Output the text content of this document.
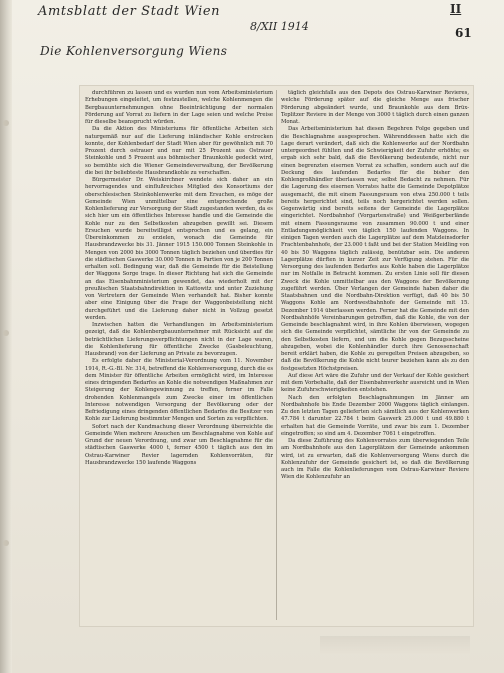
Amtsblatt der Stadt Wien
8/XII 1914
II
61
Die Kohlenversorgung Wiens

durchführen zu lassen und es wurden nun vom Arbeitsministerium Erhebungen eingeleitet, um festzustellen, welche Kohlenmengen die Bergbauunternehmungen ohne Beeinträchtigung der normalen Förderung auf Vorrat zu liefern in der Lage seien und welche Preise für dieselbe beansprucht würden.

Da die Aktion des Ministeriums für öffentliche Arbeiten sich naturgemäß nur auf die Lieferung inländischer Kohle erstrecken konnte, der Kohlenbedarf der Stadt Wien aber für gewöhnlich mit 70 Prozent durch ostrauer und nur mit 25 Prozent aus Ostrauer Steinkohle und 5 Prozent aus böhmischer Braunkohle gedeckt wird, so bemühte sich die Wiener Gemeindeverwaltung, der Bevölkerung die bei ihr beliebteste Hausbrandkohle zu verschaffen.

Bürgermeister Dr. Weiskirchner wendete sich daher an ein hervorragendes und einflußreiches Mitglied des Konsortiums der oberschlesischen Steinkohlenwerke mit dem Ersuchen, es möge der Gemeinde Wien unmittelbar eine entsprechende große Kohlenlieferung zur Versorgung der Stadt zugestanden werden, da es sich hier um ein öffentliches Interesse handle und die Gemeinde die Kohle nur zu den Selbstkosten abzugeben gewillt sei. Diesem Ersuchen wurde bereitwilligst entsprochen und es gelang, ein Übereinkommen zu erzielen, wonach die Gemeinde für Hausbrandzwecke bis 31. Jänner 1915 150.000 Tonnen Steinkohle in Mengen von 2000 bis 3000 Tonnen täglich beziehen und überdies für die städtischen Gaswerke 30.000 Tonnen in Partien von je 200 Tonnen erhalten soll. Bedingung war, daß die Gemeinde für die Beistellung der Waggons Sorge trage. In dieser Richtung hat sich die Gemeinde an das Eisenbahnministerium gewendet, das wiederholt mit der preußischen Staatsbahndirektion in Kattowitz und unter Zuziehung von Vertretern der Gemeinde Wien verhandelt hat. Bisher konnte aber eine Einigung über die Frage der Waggonbeistellung nicht durchgeführt und die Lieferung daher nicht in Vollzug gesetzt werden.

Inzwischen hatten die Verhandlungen im Arbeitsministerium gezeigt, daß die Kohlenbergbauunternehmer mit Rücksicht auf die beträchtlichen Lieferungsverpflichtungen nicht in der Lage waren, die Kohlenlieferung für öffentliche Zwecke (Gasbeleuchtung, Hausbrand) von der Lieferung an Private zu bevorzugen.

Es erfolgte daher die Ministerial-Verordnung vom 11. November 1914, R.-G.-Bl. Nr. 314, betreffend die Kohlenversorgung, durch die es dem Minister für öffentliche Arbeiten ermöglicht wird, im Interesse eines dringenden Bedarfes an Kohle die notwendigen Maßnahmen zur Steigerung der Kohlengewinnung zu treffen, ferner im Falle drohenden Kohlenmangels zum Zwecke einer im öffentlichen Interesse notwendigen Versorgung der Bevölkerung oder der Befriedigung eines dringenden öffentlichen Bedarfes die Besitzer von Kohle zur Lieferung bestimmter Mengen und Sorten zu verpflichten.

Sofort nach der Kundmachung dieser Verordnung überreichte die Gemeinde Wien mehrere Ansuchen um Beschlagnahme von Kohle auf Grund der neuen Verordnung, und zwar um Beschlagnahme für die städtischen Gaswerke 4000 t, ferner 4500 t täglich aus den im Ostrau-Karwiner Revier lagernden Kohlenvorräten, für Hausbrandzwecke 150 laufende Waggons

täglich gleichfalls aus den Depots des Ostrau-Karwiner Revieres, welche Förderung später auf die gleiche Menge aus frischer Förderung abgeändert wurde, und Braunkohle aus dem Brüx-Teplitzer Reviere in der Menge von 3000 t täglich durch einen ganzen Monat.

Das Arbeitsministerium hat diesen Begehren Folge gegeben und die Beschlagnahme ausgesprochen. Währenddessen hatte sich die Lage derart verändert, daß sich die Kohlenwerke auf der Nordbahn untergeordnet fühlten und die Schwierigkeit der Zufuhr erhöhte; es ergab sich sehr bald, daß die Bevölkerung bedeutende, nicht nur einen begrenzten eisernen Vorrat zu schaffen, sondern auch auf die Deckung des laufenden Bedarfes für die bisher den Kohlengroßhändler überlassen war, selbst Bedacht zu nehmen. Für die Lagerung des eisernen Vorrates hatte die Gemeinde Depotplätze ausgemacht, die mit einem Fassungsraum von etwa 250.000 t teils bereits hergerichtet sind, teils noch hergerichtet werden sollen. Gegenwärtig sind bereits seitens der Gemeinde die Lagerplätze eingerichtet. Nordbahnhof (Vorgartenstraße) und Weißgerberlände mit einem Fassungsraume von zusammen 90.000 t und einer Entladungsmöglichkeit von täglich 150 laufenden Waggons. In einigen Tagen werden auch die Lagerplätze auf dem Matzleinsdorfer Frachtenbahnhofe, der 23.000 t faßt und bei der Station Meidling von 40 bis 50 Waggons täglich zulässig, benützbar sein. Die anderen Lagerplätze dürften in kurzer Zeit zur Verfügung stehen. Für die Versorgung des laufenden Bedarfes aus Kohle haben die Lagerplätze nur im Notfalle in Betracht kommen. Zu ersten Linie soll für diesen Zweck die Kohle unmittelbar aus den Waggons der Bevölkerung zugeführt werden. Über Verlangen der Gemeinde haben daher die Staatsbahnen und die Nordbahn-Direktion verfügt, daß 40 bis 50 Waggons Kohle am Nordwestbahnhofe der Gemeinde mit 15. Dezember 1914 überlassen werden. Ferner hat die Gemeinde mit den Nordbahnhöfe Vereinbarungen getroffen, daß die Kohle, die von der Gemeinde beschlagnahmt wird, in ihre Kohlen überwiesen, wogegen sich die Gemeinde verpflichtet, sämtliche ihr von der Gemeinde zu den Selbstkosten liefern, und um die Kohle gegen Bezugsscheine abzugeben, wobei die Kohlenhändler durch ihre Genossenschaft bereit erklärt haben, die Kohle zu geregelten Preisen abzugeben, so daß die Bevölkerung die Kohle nicht teurer beziehen kann als zu den festgesetzten Höchstpreisen.

Auf diese Art wäre die Zufuhr und der Verkauf der Kohle gesichert mit dem Vorbehalte, daß der Eisenbahnverkehr ausreicht und in Wien keine Zufuhrschwierigkeiten entstehen.

Nach den erfolgten Beschlagnahmungen im Jänner am Nordbahnhofe bis Ende Dezember 2000 Waggons täglich einlangen. Zu den letzten Tagen gelieferten sich sämtlich aus der Kohlenwerken 47.784 t darunter 22.784 t beim Gaswerk 25.000 t und 49.880 t erhalten hat die Gemeinde Vorräte, und zwar bis zum 1. Dezember eingetroffen; so sind am 4. Dezember 7061 t eingetroffen.

Da diese Zuführung des Kohlenvorrates zum überwiegenden Teile am Nordbahnhofe aus den Lagerplätzen der Gemeinde ankommen wird, ist zu erwarten, daß die Kohlenversorgung Wiens durch die Kohlenzufuhr der Gemeinde gesichert ist, so daß die Bevölkerung auch im Falle die Kohlenlieferungen vom Ostrau-Karwiner Reviere Wien die Kohlenzufuhr an
